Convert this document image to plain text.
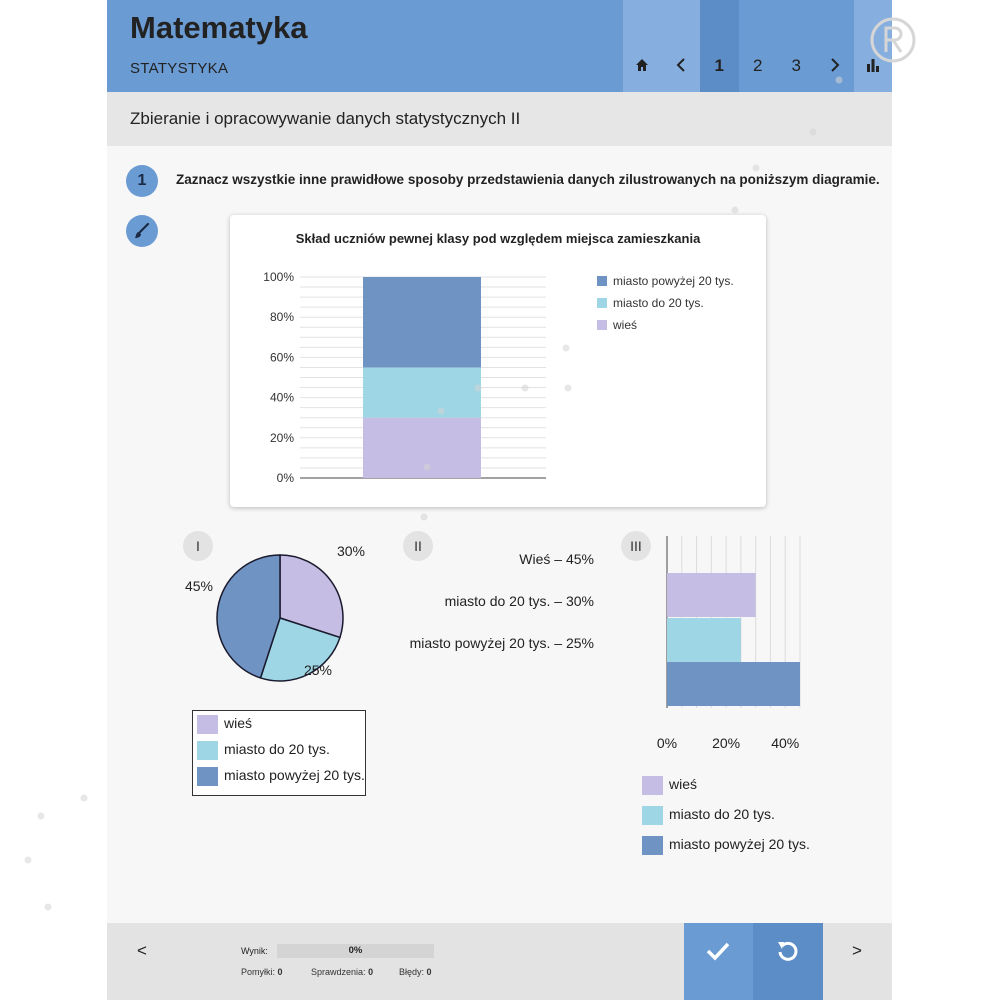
Matematyka
STATYSTYKA	1	2	3
Zbieranie i opracowywanie danych statystycznych II
1	Zaznacz wszystkie inne prawidłowe sposoby przedstawienia danych zilustrowanych na poniższym diagramie.
Skład uczniów pewnej klasy pod względem miejsca zamieszkania
100%
80%
60%
40%
20%
0%
miasto powyżej 20 tys.
miasto do 20 tys.
wieś
I	30%
25%
45%
wieś
miasto do 20 tys.
miasto powyżej 20 tys.
II
Wieś – 45%
miasto do 20 tys. – 30%
miasto powyżej 20 tys. – 25%
III
0% 20% 40%
wieś
miasto do 20 tys.
miasto powyżej 20 tys.
<	Wynik:	0%
Pomyłki: 0	Sprawdzenia: 0	Błędy: 0
>
